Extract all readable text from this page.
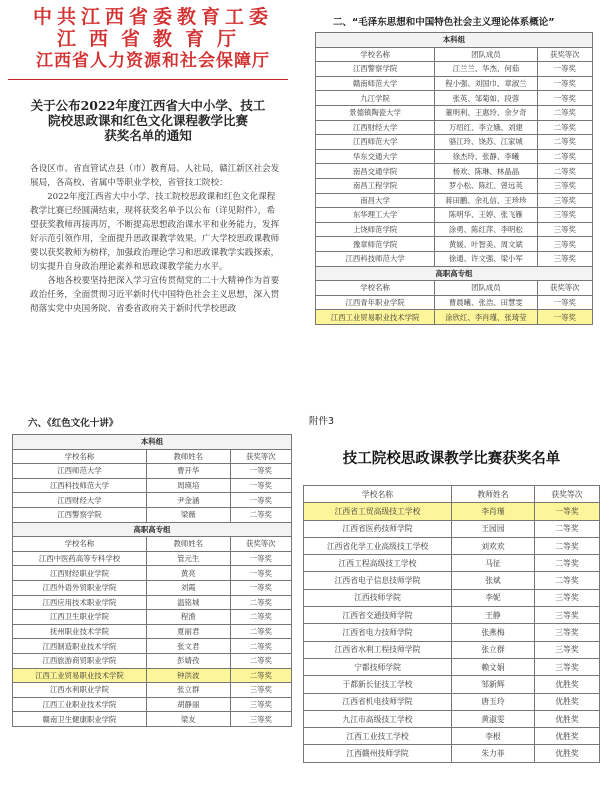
中共江西省委教育工委
江西省教育厅
江西省人力资源和社会保障厅
关于公布2022年度江西省大中小学、技工
院校思政课和红色文化课程教学比赛
获奖名单的通知

各设区市、省直管试点县（市）教育局、人社局，赣江新区社会发展局，各高校、省属中等职业学校，省管技工院校：

2022年度江西省大中小学、技工院校思政课和红色文化课程教学比赛已经圆满结束，现将获奖名单予以公布（详见附件），希望获奖教师再接再厉，不断提高思想政治课水平和业务能力，发挥好示范引领作用，全面提升思政课教学效果。广大学校思政课教师要以获奖教师为榜样，加强政治理论学习和思政课教学实践探索，切实提升自身政治理论素养和思政课教学能力水平。

各地各校要坚持把深入学习宣传贯彻党的二十大精神作为首要政治任务，全面贯彻习近平新时代中国特色社会主义思想，深入贯彻落实党中央国务院、省委省政府关于新时代学校思政

二、“毛泽东思想和中国特色社会主义理论体系概论”
本科组		
学校名称	团队成员	获奖等次
江西警察学院	江兰兰、华杰、何茹	一等奖
赣南师范大学	程小强、刘国巾、章淑兰	一等奖
九江学院	张英、邹菊如、段蓉	一等奖
景德镇陶瓷大学	董明利、王惠玲、余夕奇	二等奖
江西财经大学	万绍红、李立娥、刘建	二等奖
江西师范大学	骆江玲、饶苏、江家城	二等奖
华东交通大学	徐杰玲、张静、李曦	二等奖
南昌交通学院	杨欢、陈琳、林晶晶	二等奖
南昌工程学院	罗小松、陈红、曾远英	三等奖
南昌大学	蒋田鹏、余礼信、王珍珍	三等奖
东华理工大学	陈明华、王婷、张飞雁	三等奖
上饶师范学院	涂勇、陈红萍、李明松	三等奖
豫章师范学院	黄媛、叶智美、周文斌	三等奖
江西科技师范大学	徐通、许文强、梁小军	三等奖
高职高专组		
学校名称	团队成员	获奖等次
江西青年职业学院	曹晨曦、张浩、田慧雯	一等奖
江西工业贸易职业技术学院	涂欣红、李肖瑾、张琦莹	一等奖
六、《红色文化十讲》
本科组		
学校名称	教师姓名	获奖等次
江西师范大学	曹开华	一等奖
江西科技师范大学	周瑛培	一等奖
江西财经大学	尹金涵	一等奖
江西警察学院	梁薇	二等奖
高职高专组		
学校名称	教师姓名	获奖等次
江西中医药高等专科学校	管元生	一等奖
江西财经职业学院	黄亮	一等奖
江西外语外贸职业学院	刘霞	一等奖
江西应用技术职业学院	温铭城	二等奖
江西卫生职业学院	程渔	二等奖
抚州职业技术学院	夏丽君	二等奖
江西制造职业技术学院	张文君	二等奖
江西旅游商贸职业学院	彭婧孜	二等奖
江西工业贸易职业技术学院	钟洪波	二等奖
江西水利职业学院	张立群	三等奖
江西工业职业技术学院	胡静丽	三等奖
赣南卫生健康职业学院	梁友	三等奖
附件3
技工院校思政课教学比赛获奖名单
学校名称	教师姓名	获奖等次
江西省工贸高级技工学校	李肖瑾	一等奖
江西省医药技师学院	王园园	二等奖
江西省化学工业高级技工学校	刘欢欢	二等奖
江西工程高级技工学校	马征	二等奖
江西省电子信息技师学院	张斌	二等奖
江西技师学院	李妮	三等奖
江西省交通技师学院	王静	三等奖
江西省电力技师学院	张燕梅	三等奖
江西省水利工程技师学院	张立群	三等奖
宁都技师学院	赖文娟	三等奖
于都新长征技工学校	邹新辉	优胜奖
江西省机电技师学院	唐玉玲	优胜奖
九江市高级技工学校	黄淑雯	优胜奖
江西工业技工学校	李根	优胜奖
江西赣州技师学院	朱力菲	优胜奖
